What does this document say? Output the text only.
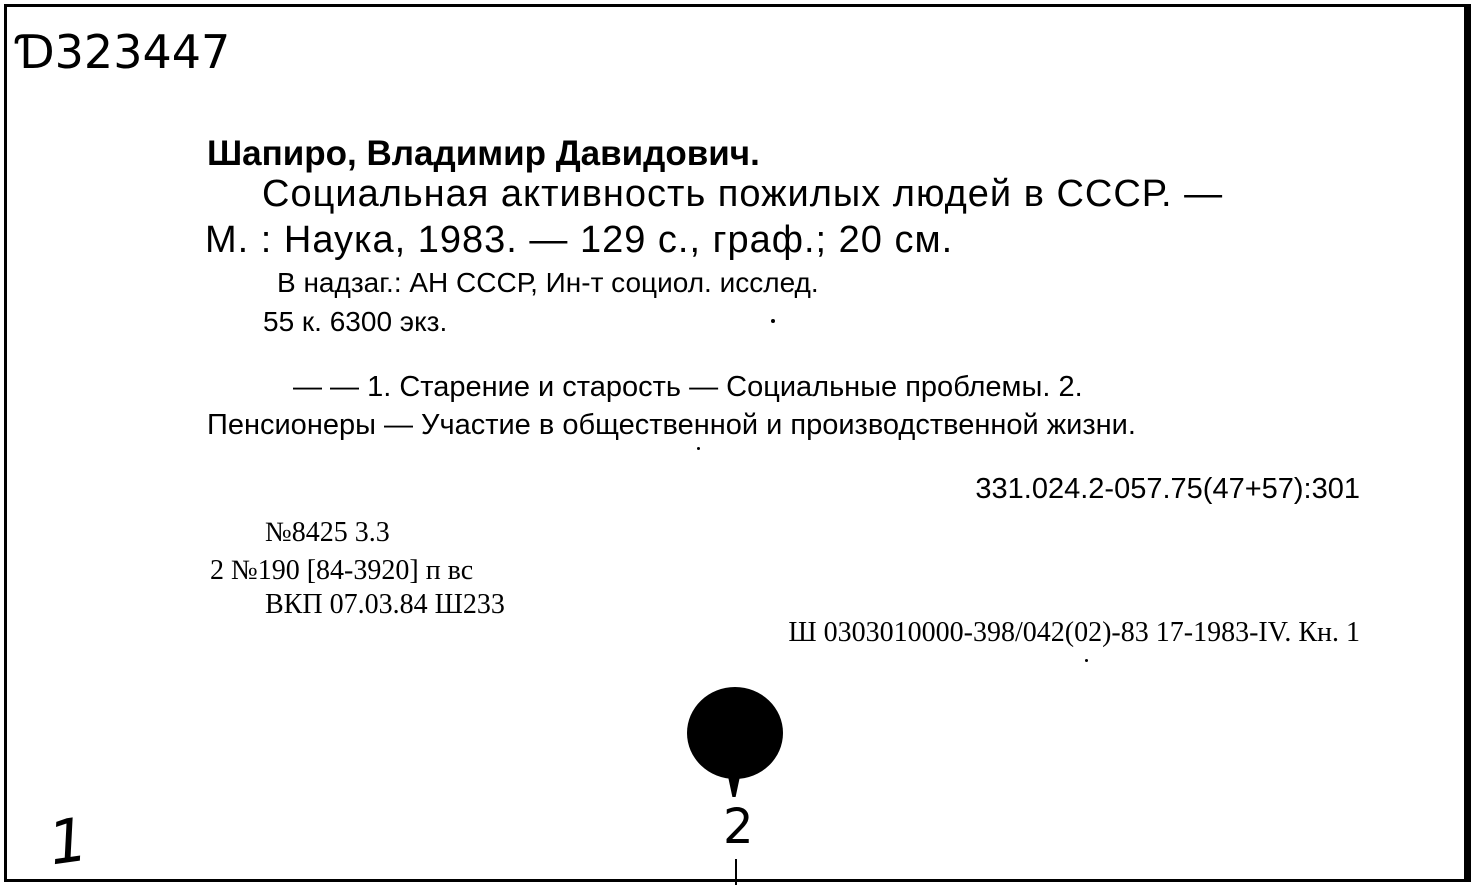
Ɗ323447
Шапиро, Владимир Давидович.
Социальная активность пожилых людей в СССР. —
М. : Наука, 1983. — 129 с., граф.; 20 см.
В надзаг.: АН СССР, Ин-т социол. исслед.
55 к. 6300 экз.
— — 1. Старение и старость — Социальные проблемы. 2.
Пенсионеры — Участие в общественной и производственной жизни.
331.024.2-057.75(47+57):301
№8425 3.3
2 №190 [84-3920] п вс
ВКП 07.03.84 Ш233
Ш 0303010000-398/042(02)-83 17-1983-IV. Кн. 1
1	2
